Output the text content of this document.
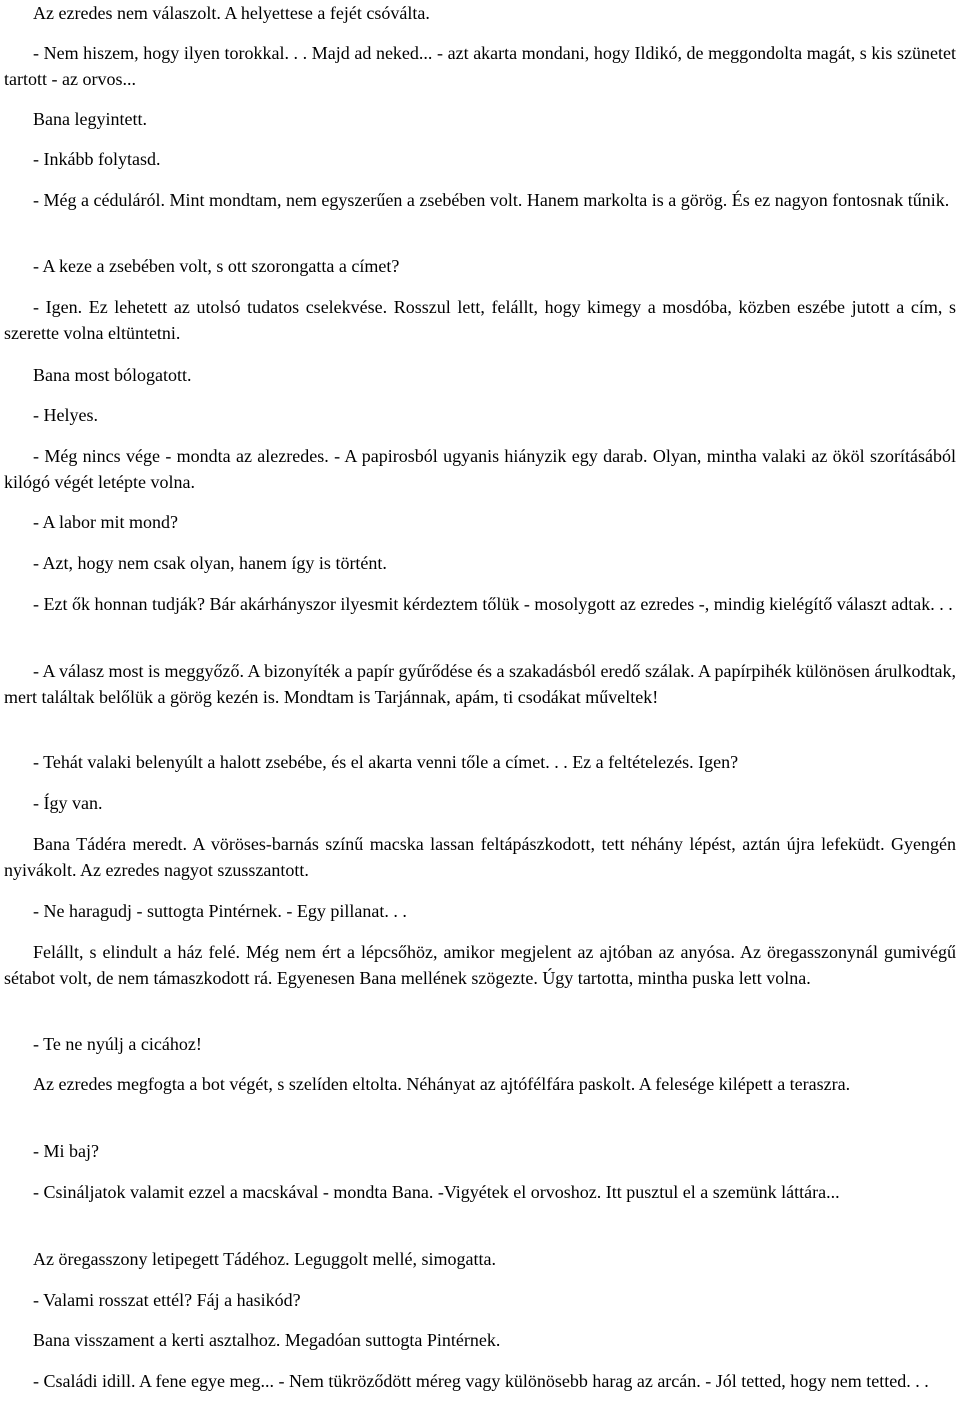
Az ezredes nem válaszolt. A helyettese a fejét csóválta.

- Nem hiszem, hogy ilyen torokkal. . . Majd ad neked... - azt akarta mondani, hogy Ildikó, de meggondolta magát, s kis szünetet tartott - az orvos...

Bana legyintett.

- Inkább folytasd.

- Még a céduláról. Mint mondtam, nem egyszerűen a zsebében volt. Hanem markolta is a görög. És ez nagyon fontosnak tűnik.

- A keze a zsebében volt, s ott szorongatta a címet?

- Igen. Ez lehetett az utolsó tudatos cselekvése. Rosszul lett, felállt, hogy kimegy a mosdóba, közben eszébe jutott a cím, s szerette volna eltüntetni.

Bana most bólogatott.

- Helyes.

- Még nincs vége - mondta az alezredes. - A papirosból ugyanis hiányzik egy darab. Olyan, mintha valaki az ököl szorításából kilógó végét letépte volna.

- A labor mit mond?

- Azt, hogy nem csak olyan, hanem így is történt.

- Ezt ők honnan tudják? Bár akárhányszor ilyesmit kérdeztem tőlük - mosolygott az ezredes -, mindig kielégítő választ adtak. . .

- A válasz most is meggyőző. A bizonyíték a papír gyűrődése és a szakadásból eredő szálak. A papírpihék különösen árulkodtak, mert találtak belőlük a görög kezén is. Mondtam is Tarjánnak, apám, ti csodákat műveltek!

- Tehát valaki belenyúlt a halott zsebébe, és el akarta venni tőle a címet. . . Ez a feltételezés. Igen?

- Így van.

Bana Tádéra meredt. A vöröses-barnás színű macska lassan feltápászkodott, tett néhány lépést, aztán újra lefeküdt. Gyengén nyivákolt. Az ezredes nagyot szusszantott.

- Ne haragudj - suttogta Pintérnek. - Egy pillanat. . .

Felállt, s elindult a ház felé. Még nem ért a lépcsőhöz, amikor megjelent az ajtóban az anyósa. Az öregasszonynál gumivégű sétabot volt, de nem támaszkodott rá. Egyenesen Bana mellének szögezte. Úgy tartotta, mintha puska lett volna.

- Te ne nyúlj a cicához!

Az ezredes megfogta a bot végét, s szelíden eltolta. Néhányat az ajtófélfára paskolt. A felesége kilépett a teraszra.

- Mi baj?

- Csináljatok valamit ezzel a macskával - mondta Bana. -Vigyétek el orvoshoz. Itt pusztul el a szemünk láttára...

Az öregasszony letipegett Tádéhoz. Leguggolt mellé, simogatta.

- Valami rosszat ettél? Fáj a hasikód?

Bana visszament a kerti asztalhoz. Megadóan suttogta Pintérnek.

- Családi idill. A fene egye meg... - Nem tükröződött méreg vagy különösebb harag az arcán. - Jól tetted, hogy nem tetted. . .
